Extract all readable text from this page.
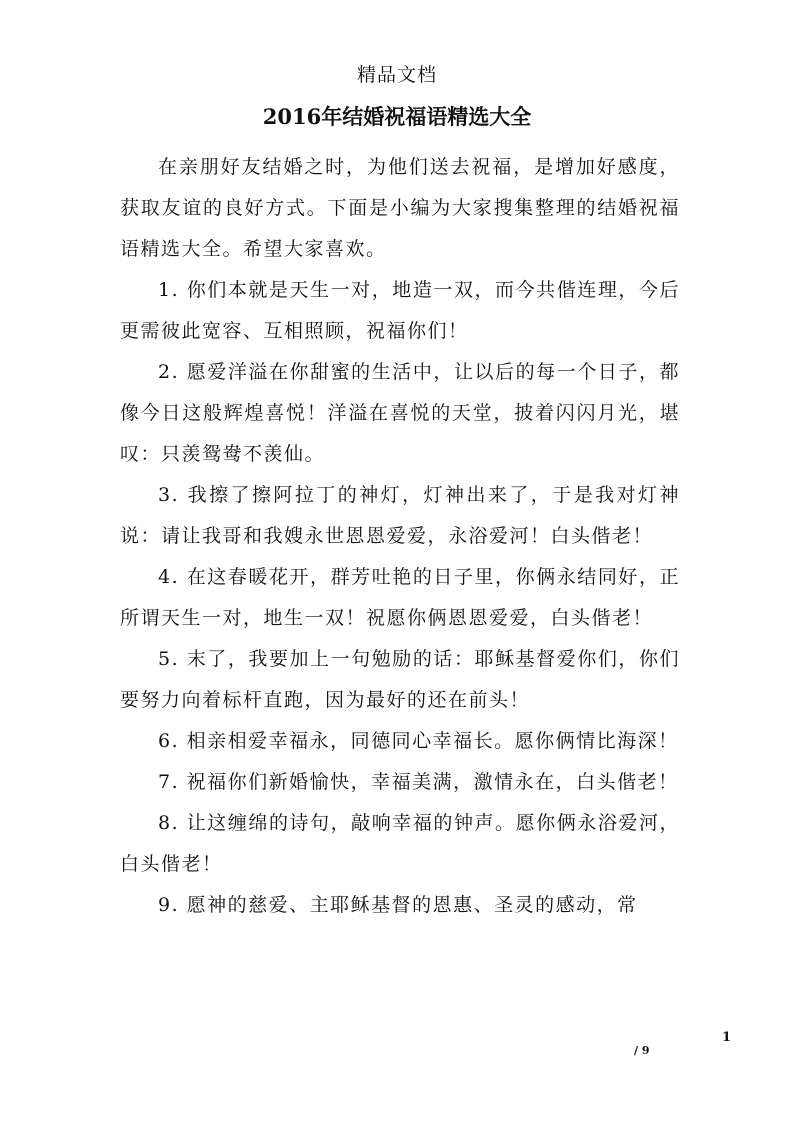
精品文档
2016年结婚祝福语精选大全

在亲朋好友结婚之时，为他们送去祝福，是增加好感度，获取友谊的良好方式。下面是小编为大家搜集整理的结婚祝福语精选大全。希望大家喜欢。

1. 你们本就是天生一对，地造一双，而今共偕连理，今后更需彼此宽容、互相照顾，祝福你们！

2. 愿爱洋溢在你甜蜜的生活中，让以后的每一个日子，都像今日这般辉煌喜悦！洋溢在喜悦的天堂，披着闪闪月光，堪叹：只羡鸳鸯不羡仙。

3. 我擦了擦阿拉丁的神灯，灯神出来了，于是我对灯神说：请让我哥和我嫂永世恩恩爱爱，永浴爱河！白头偕老！

4. 在这春暖花开，群芳吐艳的日子里，你俩永结同好，正所谓天生一对，地生一双！祝愿你俩恩恩爱爱，白头偕老！

5. 末了，我要加上一句勉励的话：耶稣基督爱你们，你们要努力向着标杆直跑，因为最好的还在前头！

6. 相亲相爱幸福永，同德同心幸福长。愿你俩情比海深！

7. 祝福你们新婚愉快，幸福美满，激情永在，白头偕老！

8. 让这缠绵的诗句，敲响幸福的钟声。愿你俩永浴爱河，白头偕老！

9. 愿神的慈爱、主耶稣基督的恩惠、圣灵的感动，常

1
/ 9
